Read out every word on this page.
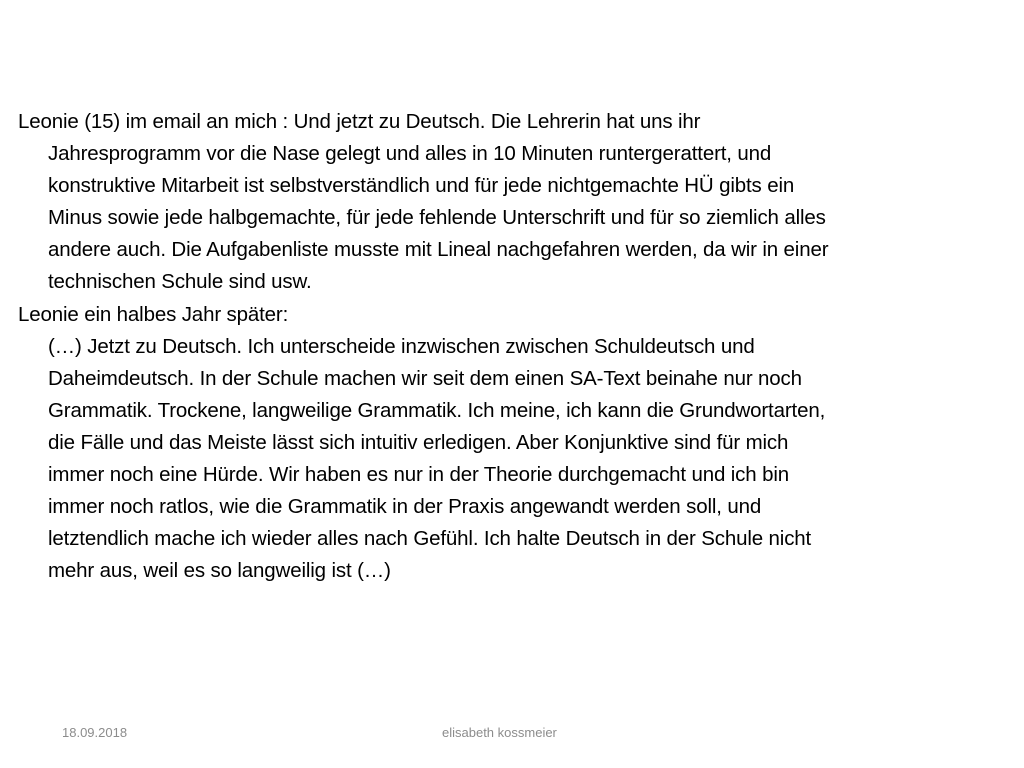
Leonie (15) im email an mich : Und jetzt zu Deutsch. Die Lehrerin hat uns ihr
Jahresprogramm vor die Nase gelegt und alles in 10 Minuten runtergerattert, und
konstruktive Mitarbeit ist selbstverständlich und für jede nichtgemachte HÜ gibts ein
Minus sowie jede halbgemachte, für jede fehlende Unterschrift und für so ziemlich alles
andere auch. Die Aufgabenliste musste mit Lineal nachgefahren werden, da wir in einer
technischen Schule sind usw.

Leonie ein halbes Jahr später:
(…) Jetzt zu Deutsch. Ich unterscheide inzwischen zwischen Schuldeutsch und
Daheimdeutsch. In der Schule machen wir seit dem einen SA-Text beinahe nur noch
Grammatik. Trockene, langweilige Grammatik. Ich meine, ich kann die Grundwortarten,
die Fälle und das Meiste lässt sich intuitiv erledigen. Aber Konjunktive sind für mich
immer noch eine Hürde. Wir haben es nur in der Theorie durchgemacht und ich bin
immer noch ratlos, wie die Grammatik in der Praxis angewandt werden soll, und
letztendlich mache ich wieder alles nach Gefühl. Ich halte Deutsch in der Schule nicht
mehr aus, weil es so langweilig ist (…)

18.09.2018	elisabeth kossmeier
